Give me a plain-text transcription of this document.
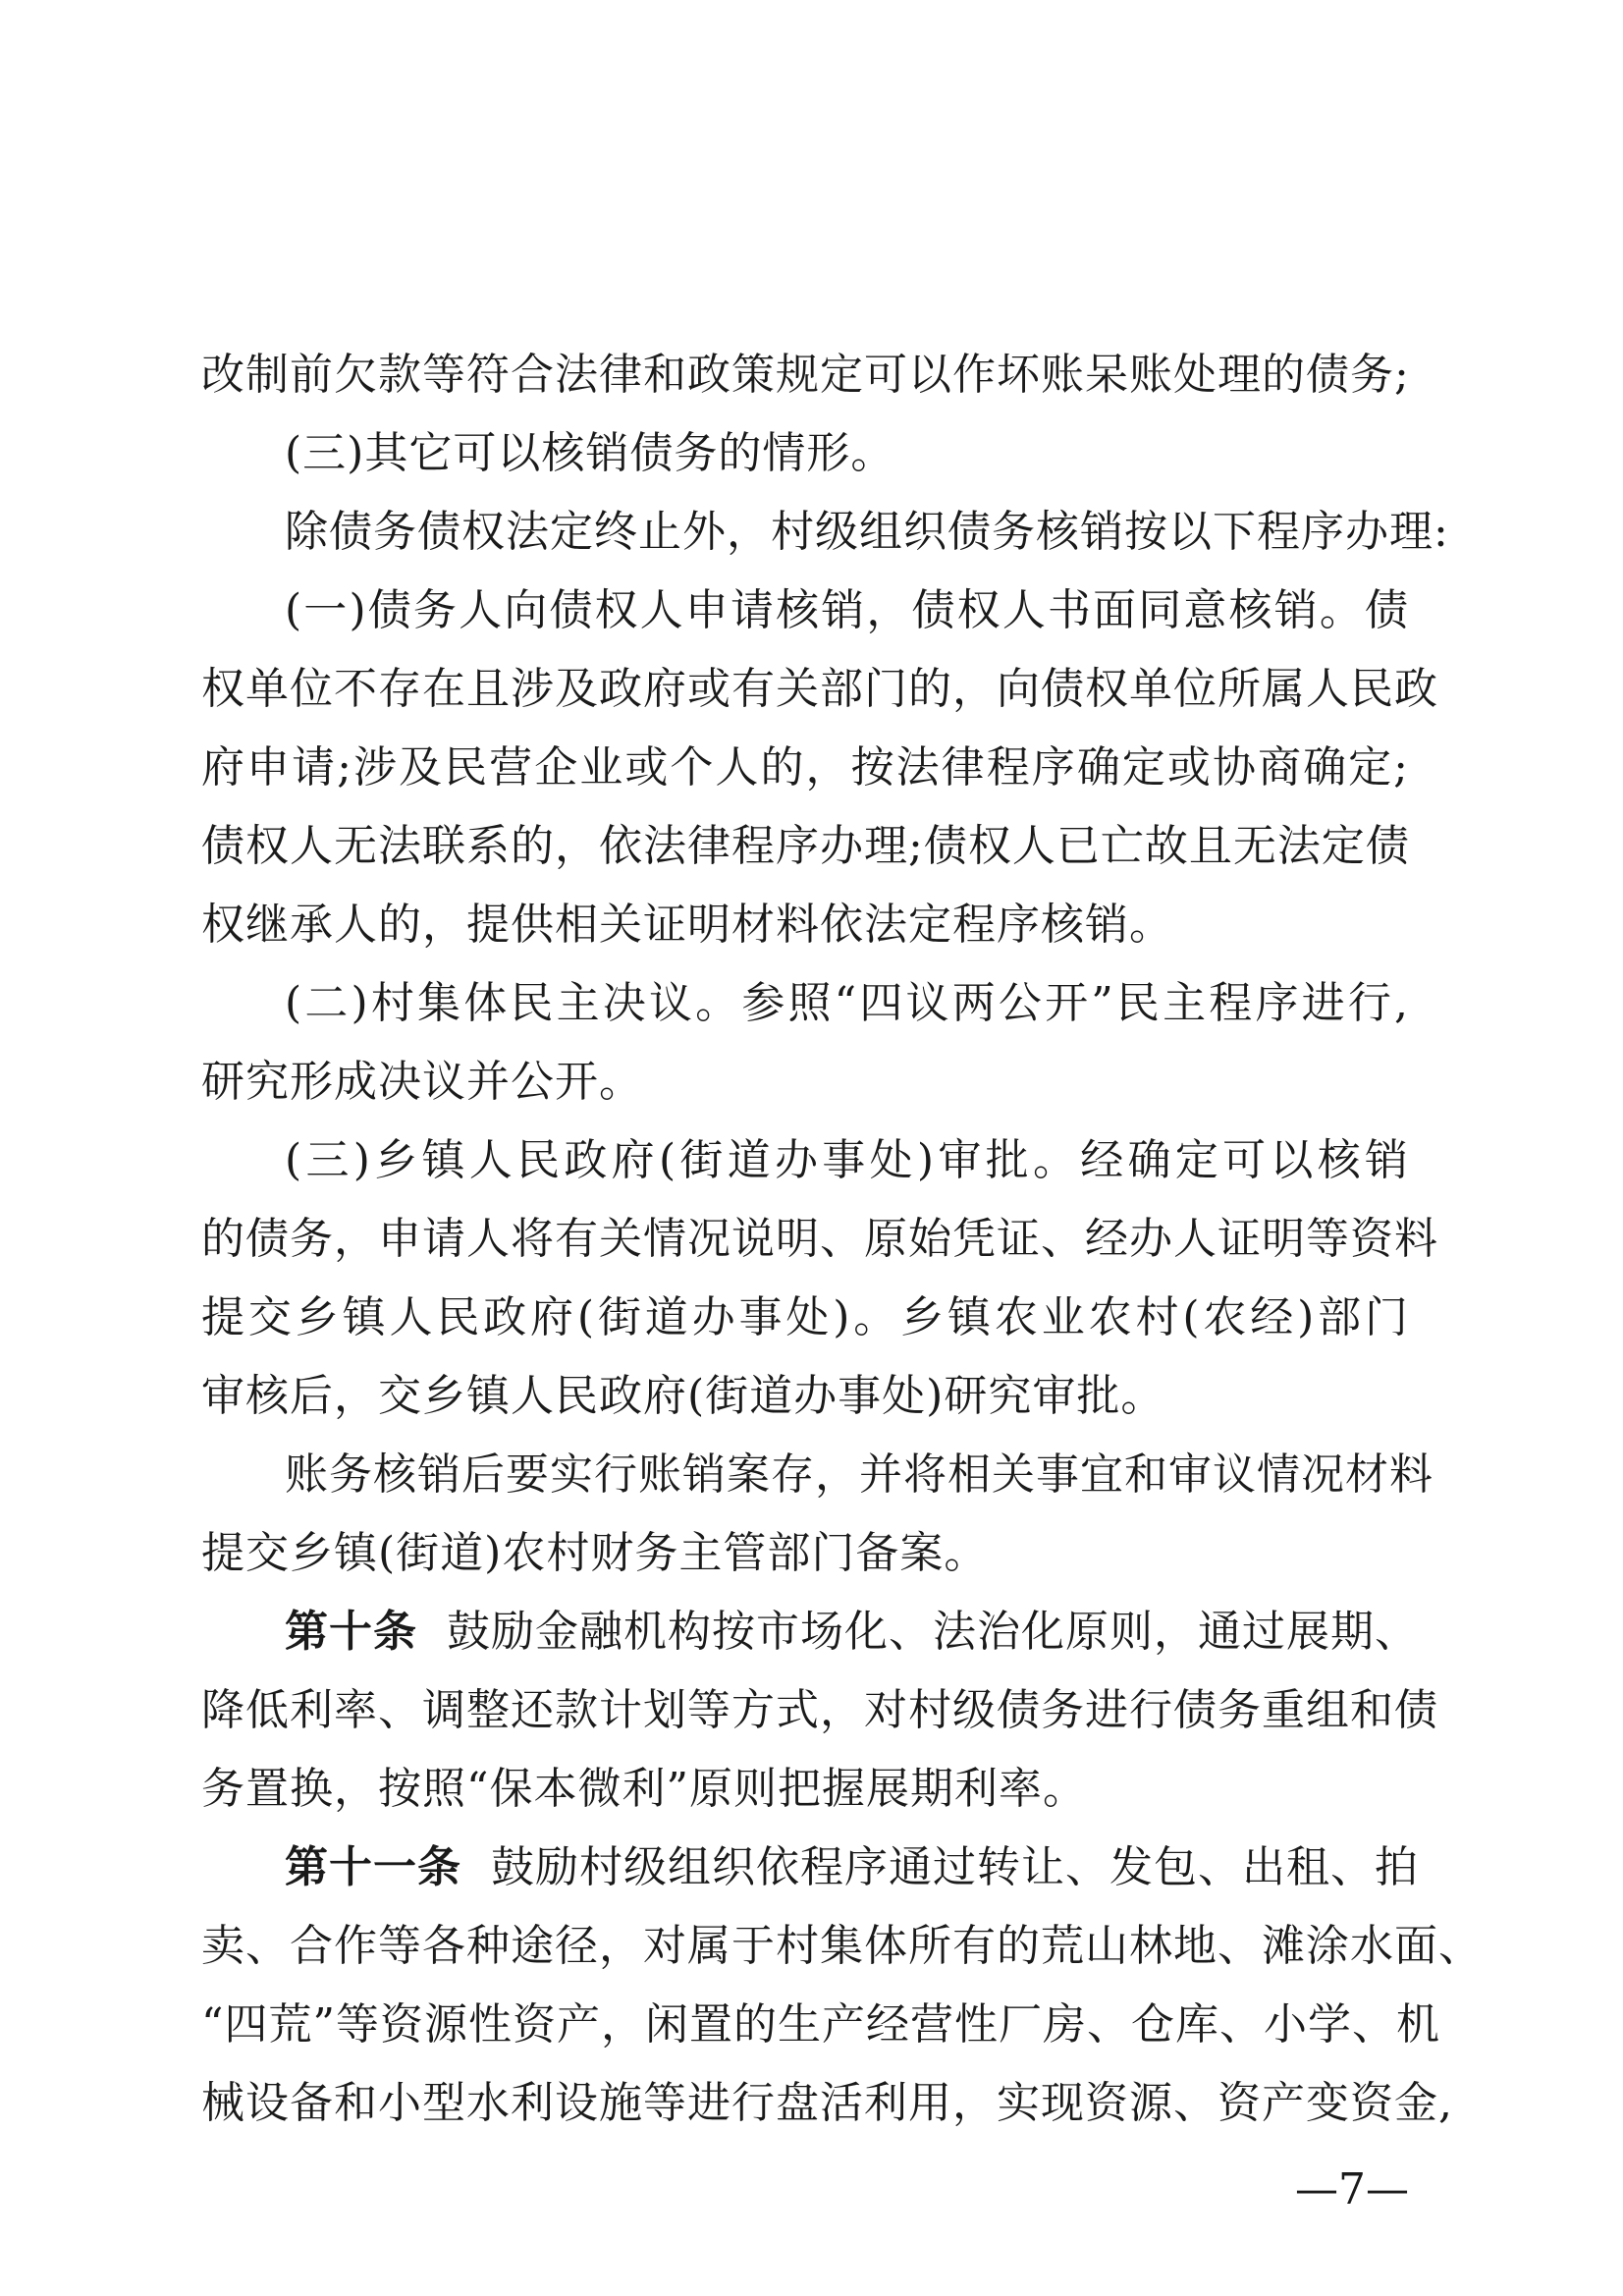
改制前欠款等符合法律和政策规定可以作坏账呆账处理的债务;
(三)其它可以核销债务的情形。
除债务债权法定终止外，村级组织债务核销按以下程序办理:
(一)债务人向债权人申请核销，债权人书面同意核销。债
权单位不存在且涉及政府或有关部门的，向债权单位所属人民政
府申请;涉及民营企业或个人的，按法律程序确定或协商确定;
债权人无法联系的，依法律程序办理;债权人已亡故且无法定债
权继承人的，提供相关证明材料依法定程序核销。
(二)村集体民主决议。参照“四议两公开”民主程序进行,
研究形成决议并公开。
(三)乡镇人民政府(街道办事处)审批。经确定可以核销
的债务，申请人将有关情况说明、原始凭证、经办人证明等资料
提交乡镇人民政府(街道办事处)。乡镇农业农村(农经)部门
审核后，交乡镇人民政府(街道办事处)研究审批。
账务核销后要实行账销案存，并将相关事宜和审议情况材料
提交乡镇(街道)农村财务主管部门备案。
第十条 鼓励金融机构按市场化、法治化原则，通过展期、
降低利率、调整还款计划等方式，对村级债务进行债务重组和债
务置换，按照“保本微利”原则把握展期利率。
第十一条 鼓励村级组织依程序通过转让、发包、出租、拍
卖、合作等各种途径，对属于村集体所有的荒山林地、滩涂水面、
“四荒”等资源性资产，闲置的生产经营性厂房、仓库、小学、机
械设备和小型水利设施等进行盘活利用，实现资源、资产变资金,
—7—
